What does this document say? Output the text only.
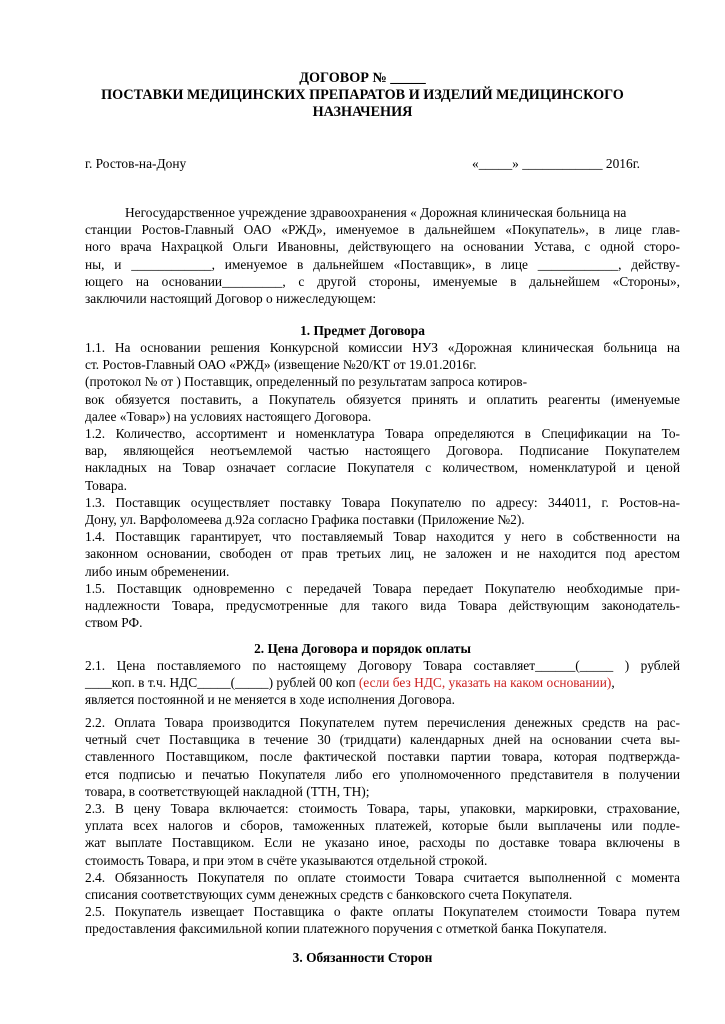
ДОГОВОР № _____
ПОСТАВКИ МЕДИЦИНСКИХ ПРЕПАРАТОВ И ИЗДЕЛИЙ МЕДИЦИНСКОГО
НАЗНАЧЕНИЯ
г. Ростов-на-Дону	«_____» ____________ 2016г.
Негосударственное учреждение здравоохранения « Дорожная клиническая больница на
станции Ростов-Главный ОАО «РЖД», именуемое в дальнейшем «Покупатель», в лице глав-
ного врача Нахрацкой Ольги Ивановны, действующего на основании Устава, с одной сторо-
ны, и ____________, именуемое в дальнейшем «Поставщик», в лице ____________, действу-
ющего на основании_________, с другой стороны, именуемые в дальнейшем «Стороны»,
заключили настоящий Договор о нижеследующем:
1. Предмет Договора
1.1. На основании решения Конкурсной комиссии НУЗ «Дорожная клиническая больница на
ст. Ростов-Главный ОАО «РЖД» (извещение №20/КТ от 19.01.2016г.
(протокол № от ) Поставщик, определенный по результатам запроса котиров-
вок обязуется поставить, а Покупатель обязуется принять и оплатить реагенты (именуемые
далее «Товар») на условиях настоящего Договора.
1.2. Количество, ассортимент и номенклатура Товара определяются в Спецификации на То-
вар, являющейся неотъемлемой частью настоящего Договора. Подписание Покупателем
накладных на Товар означает согласие Покупателя с количеством, номенклатурой и ценой
Товара.
1.3. Поставщик осуществляет поставку Товара Покупателю по адресу: 344011, г. Ростов-на-
Дону, ул. Варфоломеева д.92а согласно Графика поставки (Приложение №2).
1.4. Поставщик гарантирует, что поставляемый Товар находится у него в собственности на
законном основании, свободен от прав третьих лиц, не заложен и не находится под арестом
либо иным обременении.
1.5. Поставщик одновременно с передачей Товара передает Покупателю необходимые при-
надлежности Товара, предусмотренные для такого вида Товара действующим законодатель-
ством РФ.
2. Цена Договора и порядок оплаты
2.1. Цена поставляемого по настоящему Договору Товара составляет______(_____ ) рублей
____коп. в т.ч. НДС_____(_____) рублей 00 коп (если без НДС, указать на каком основании),
является постоянной и не меняется в ходе исполнения Договора.
2.2. Оплата Товара производится Покупателем путем перечисления денежных средств на рас-
четный счет Поставщика в течение 30 (тридцати) календарных дней на основании счета вы-
ставленного Поставщиком, после фактической поставки партии товара, которая подтвержда-
ется подписью и печатью Покупателя либо его уполномоченного представителя в получении
товара, в соответствующей накладной (ТТН, ТН);
2.3. В цену Товара включается: стоимость Товара, тары, упаковки, маркировки, страхование,
уплата всех налогов и сборов, таможенных платежей, которые были выплачены или подле-
жат выплате Поставщиком. Если не указано иное, расходы по доставке товара включены в
стоимость Товара, и при этом в счёте указываются отдельной строкой.
2.4. Обязанность Покупателя по оплате стоимости Товара считается выполненной с момента
списания соответствующих сумм денежных средств с банковского счета Покупателя.
2.5. Покупатель извещает Поставщика о факте оплаты Покупателем стоимости Товара путем
предоставления факсимильной копии платежного поручения с отметкой банка Покупателя.
3. Обязанности Сторон
